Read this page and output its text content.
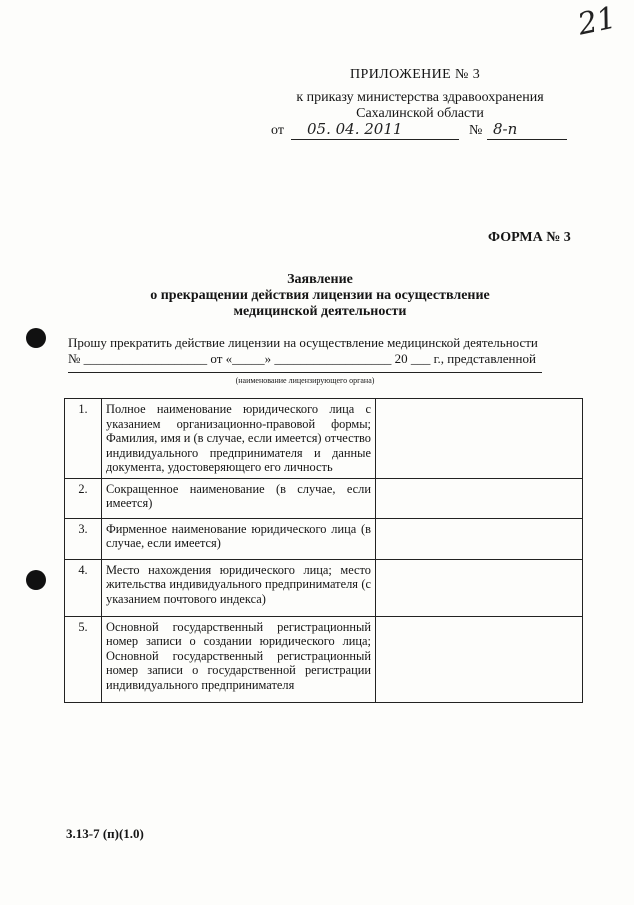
21
ПРИЛОЖЕНИЕ № 3
к приказу министерства здравоохранения
Сахалинской области
от 05. 04. 2011	№ 8-п
ФОРМА № 3
Заявление
о прекращении действия лицензии на осуществление
медицинской деятельности
Прошу прекратить действие лицензии на осуществление медицинской деятельности
№ ___________________ от «_____» __________________ 20 ___ г., представленной
(наименование лицензирующего органа)
1.	Полное наименование юридического лица с указанием организационно-правовой формы; Фамилия, имя и (в случае, если имеется) отчество индивидуального предпринимателя и данные документа, удостоверяющего его личность	
2.	Сокращенное наименование (в случае, если имеется)	
3.	Фирменное наименование юридического лица (в случае, если имеется)	
4.	Место нахождения юридического лица; место жительства индивидуального предпринимателя (с указанием почтового индекса)	
5.	Основной государственный регистрационный номер записи о создании юридического лица; Основной государственный регистрационный номер записи о государственной регистрации индивидуального предпринимателя	
3.13-7 (п)(1.0)
